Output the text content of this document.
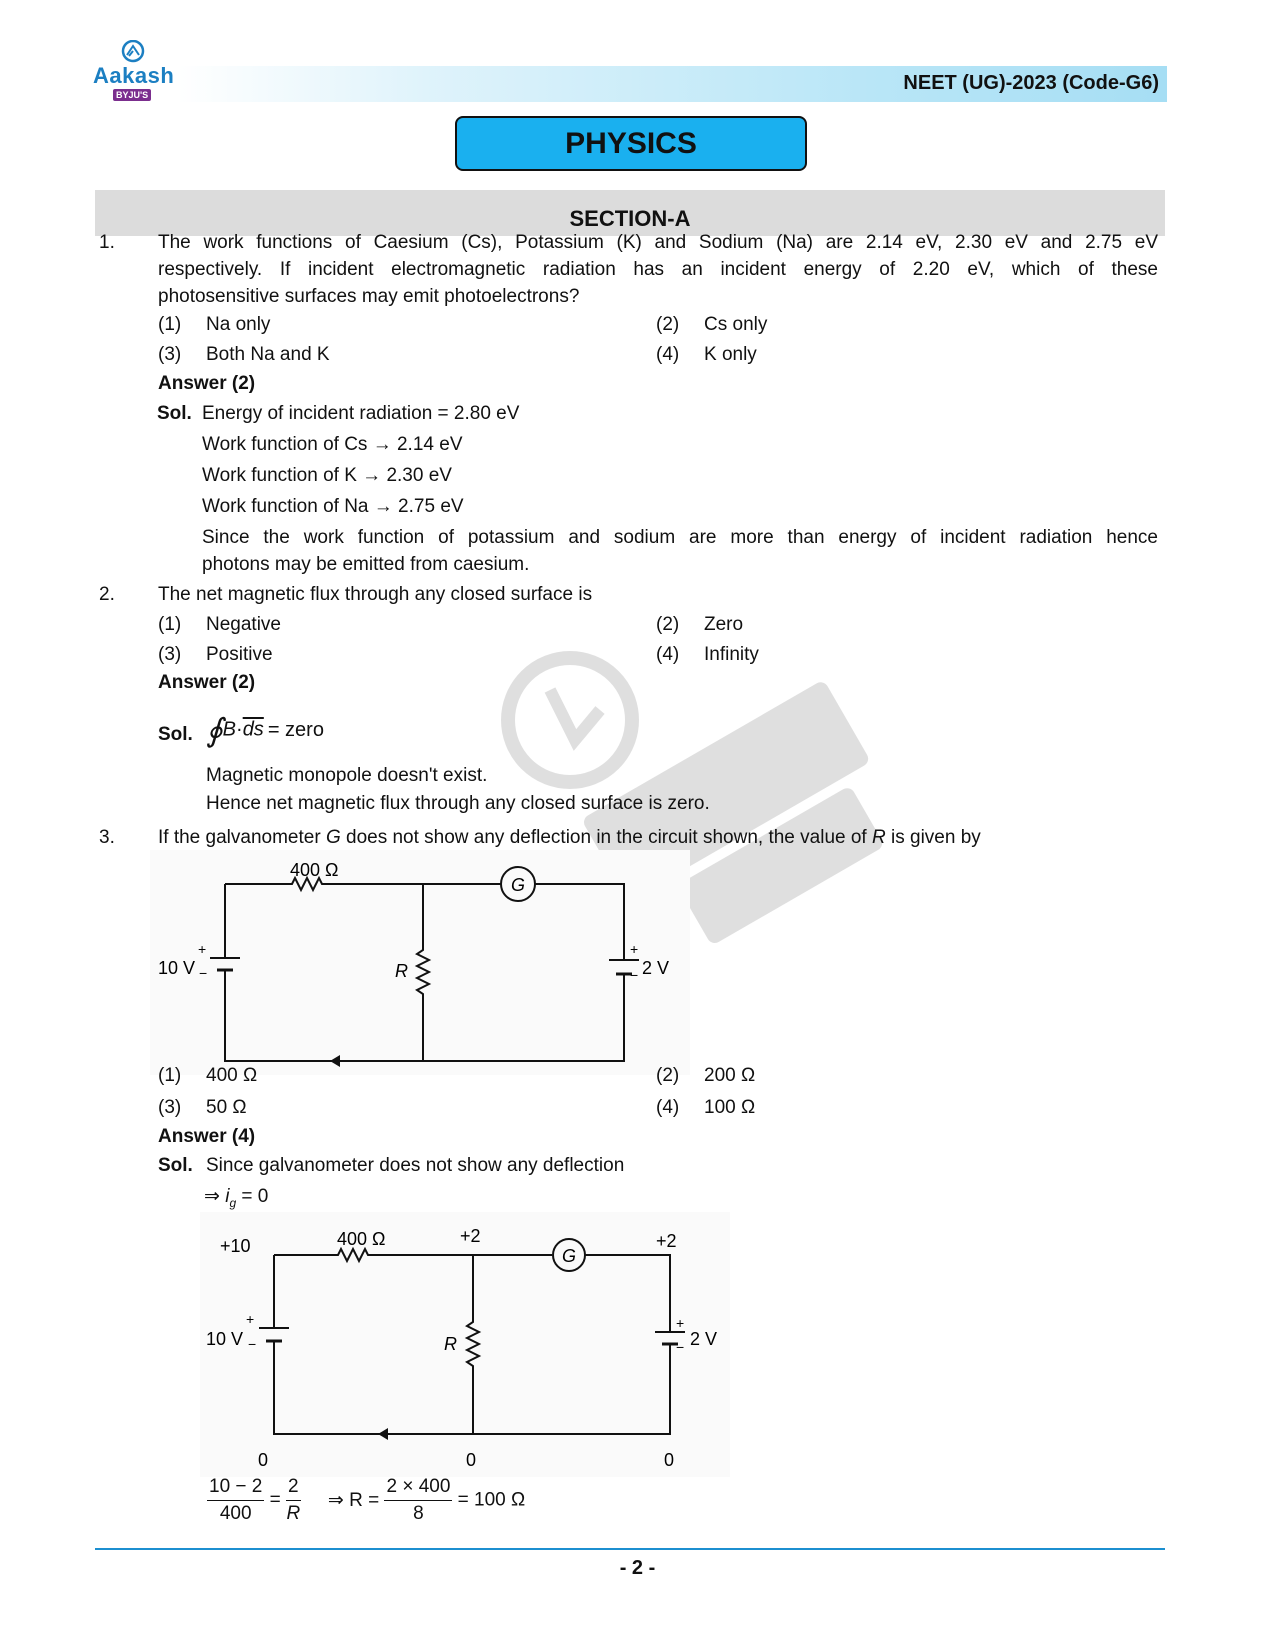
Aakash
BYJU'S
NEET (UG)-2023 (Code-G6)
PHYSICS
SECTION-A
1. The work functions of Caesium (Cs), Potassium (K) and Sodium (Na) are 2.14 eV, 2.30 eV and 2.75 eV
respectively. If incident electromagnetic radiation has an incident energy of 2.20 eV, which of these
photosensitive surfaces may emit photoelectrons?
(1) Na only	(2) Cs only
(3) Both Na and K	(4) K only
Answer (2)
Sol. Energy of incident radiation = 2.80 eV
Work function of Cs → 2.14 eV
Work function of K → 2.30 eV
Work function of Na → 2.75 eV
Since the work function of potassium and sodium are more than energy of incident radiation hence
photons may be emitted from caesium.
2. The net magnetic flux through any closed surface is
(1) Negative	(2) Zero
(3) Positive	(4) Infinity
Answer (2)
Sol. $∮B\cdot\overline{ds}$ = zero
Magnetic monopole doesn't exist.
Hence net magnetic flux through any closed surface is zero.
3. If the galvanometer G does not show any deflection in the circuit shown, the value of R is given by
400 Ω
G
R
10 V	2 V
+
−
+
−
(1) 400 Ω	(2) 200 Ω
(3) 50 Ω	(4) 100 Ω
Answer (4)
Sol. Since galvanometer does not show any deflection
⇒ $i_g = 0$
400 Ω
G
R
10 V	2 V
+
−
+
−
+10	+2	+2
0	0	0
$\frac{10 - 2}{400} = \frac{2}{R}$ ⇒ $R = \frac{2 \times 400}{8} = 100$ Ω
- 2 -
